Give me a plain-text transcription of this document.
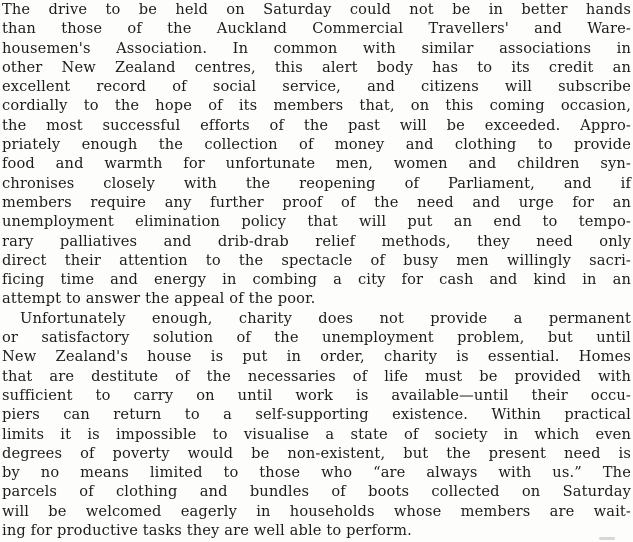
The drive to be held on Saturday could not be in better hands
than those of the Auckland Commercial Travellers' and Ware-
housemen's Association. In common with similar associations in
other New Zealand centres, this alert body has to its credit an
excellent record of social service, and citizens will subscribe
cordially to the hope of its members that, on this coming occasion,
the most successful efforts of the past will be exceeded. Appro-
priately enough the collection of money and clothing to provide
food and warmth for unfortunate men, women and children syn-
chronises closely with the reopening of Parliament, and if
members require any further proof of the need and urge for an
unemployment elimination policy that will put an end to tempo-
rary palliatives and drib-drab relief methods, they need only
direct their attention to the spectacle of busy men willingly sacri-
ficing time and energy in combing a city for cash and kind in an
attempt to answer the appeal of the poor.
Unfortunately enough, charity does not provide a permanent
or satisfactory solution of the unemployment problem, but until
New Zealand's house is put in order, charity is essential. Homes
that are destitute of the necessaries of life must be provided with
sufficient to carry on until work is available—until their occu-
piers can return to a self-supporting existence. Within practical
limits it is impossible to visualise a state of society in which even
degrees of poverty would be non-existent, but the present need is
by no means limited to those who “are always with us.” The
parcels of clothing and bundles of boots collected on Saturday
will be welcomed eagerly in households whose members are wait-
ing for productive tasks they are well able to perform.
